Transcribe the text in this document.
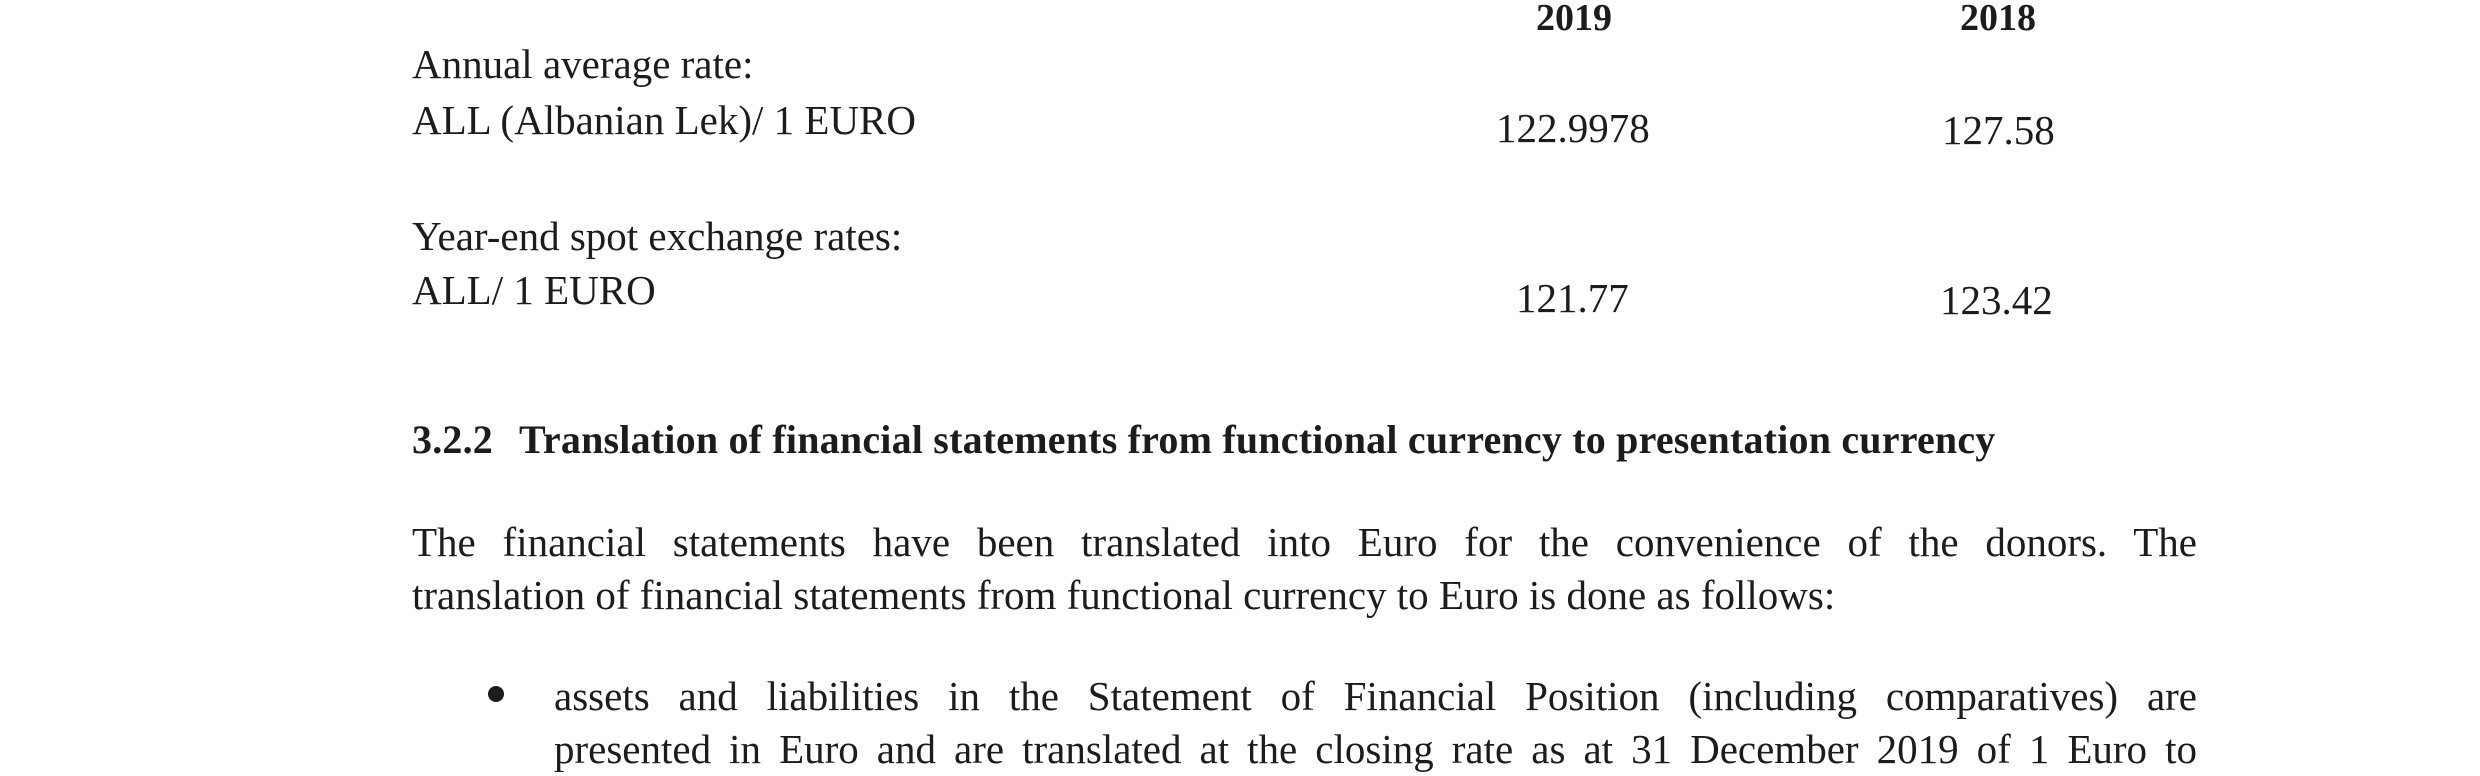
2019	2018
Annual average rate:
ALL (Albanian Lek)/ 1 EURO	122.9978	127.58
Year-end spot exchange rates:
ALL/ 1 EURO	121.77	123.42
3.2.2 Translation of financial statements from functional currency to presentation currency
The financial statements have been translated into Euro for the convenience of the donors. The
translation of financial statements from functional currency to Euro is done as follows:
assets and liabilities in the Statement of Financial Position (including comparatives) are
presented in Euro and are translated at the closing rate as at 31 December 2019 of 1 Euro to
